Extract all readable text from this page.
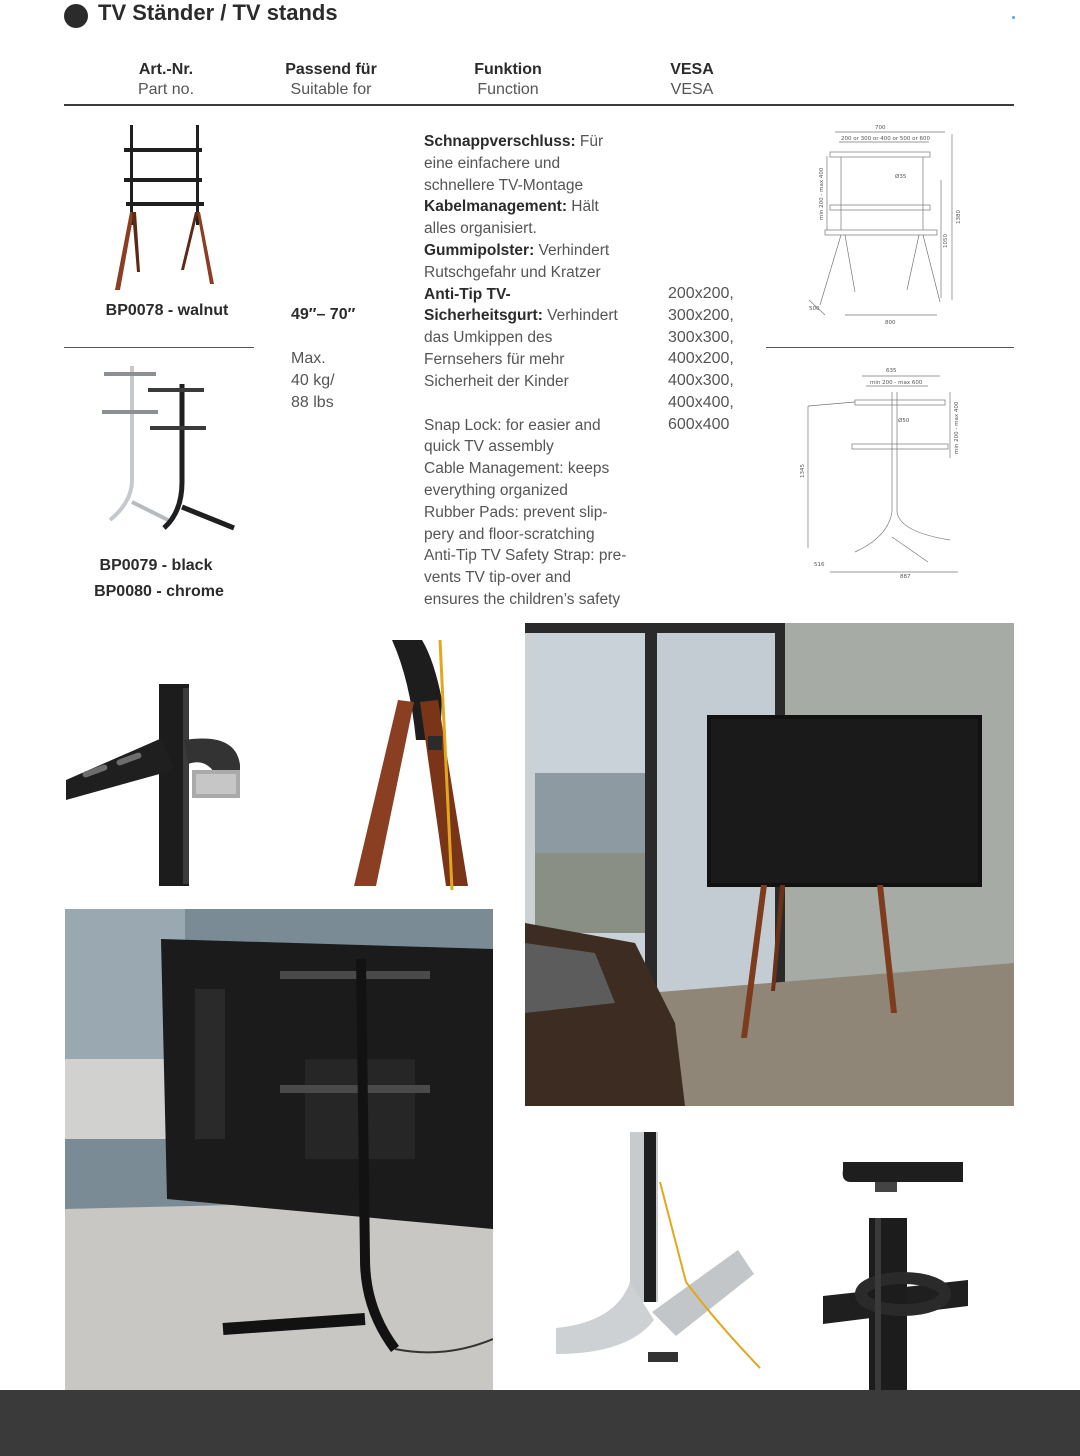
TV Ständer / TV stands
Art.-Nr.
Part no.
Passend für
Suitable for
Funktion
Function
VESA
VESA
BP0078 - walnut
BP0079 - black
BP0080 - chrome
49″– 70″
Max.
40 kg/
88 lbs
Schnappverschluss: Für eine einfachere und schnellere TV-Montage
Kabelmanagement: Hält alles organisiert.
Gummipolster: Verhindert Rutschgefahr und Kratzer
Anti-Tip TV-Sicherheitsgurt: Verhindert das Umkippen des Fernsehers für mehr Sicherheit der Kinder
Snap Lock: for easier and quick TV assembly
Cable Management: keeps everything organized
Rubber Pads: prevent slip-pery and floor-scratching
Anti-Tip TV Safety Strap: pre-vents TV tip-over and ensures the children’s safety
200x200,
300x200,
300x300,
400x200,
400x300,
400x400,
600x400
700
200 or 300 or 400 or 500 or 600
Ø35
min 200 - max 400	1380
1050
800
500
635
min 200 - max 600
Ø50	min 200 - max 400
1345
516
887
